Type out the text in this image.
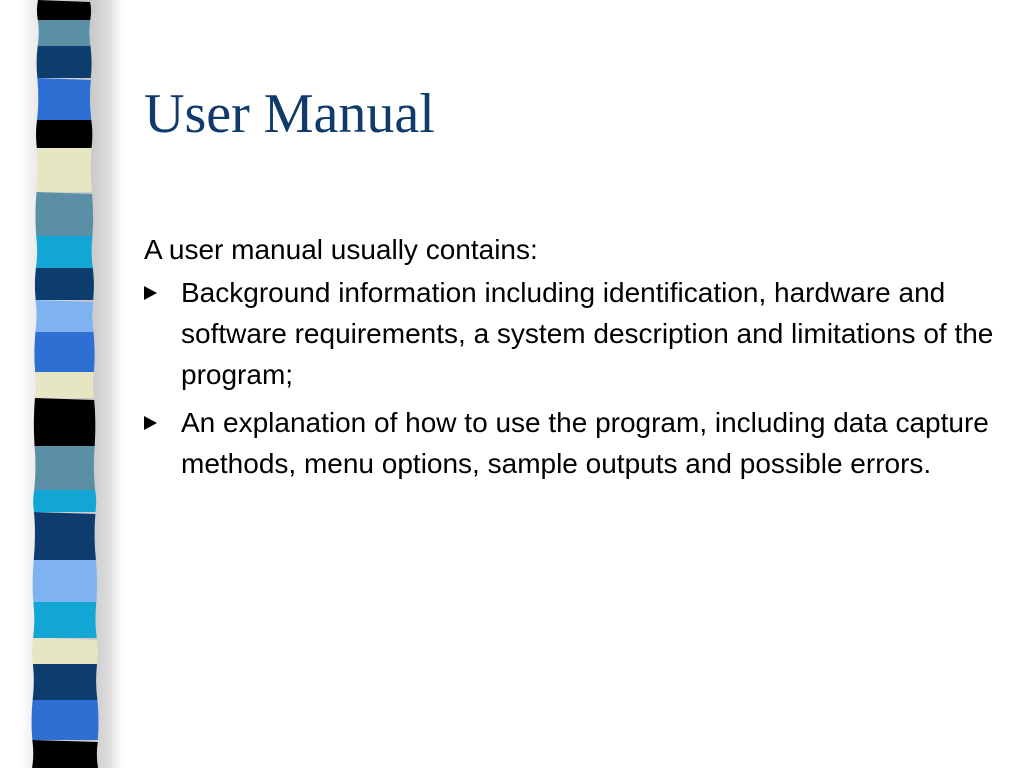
User Manual

A user manual usually contains:

Background information including identification, hardware and software requirements, a system description and limitations of the program;
An explanation of how to use the program, including data capture methods, menu options, sample outputs and possible errors.
